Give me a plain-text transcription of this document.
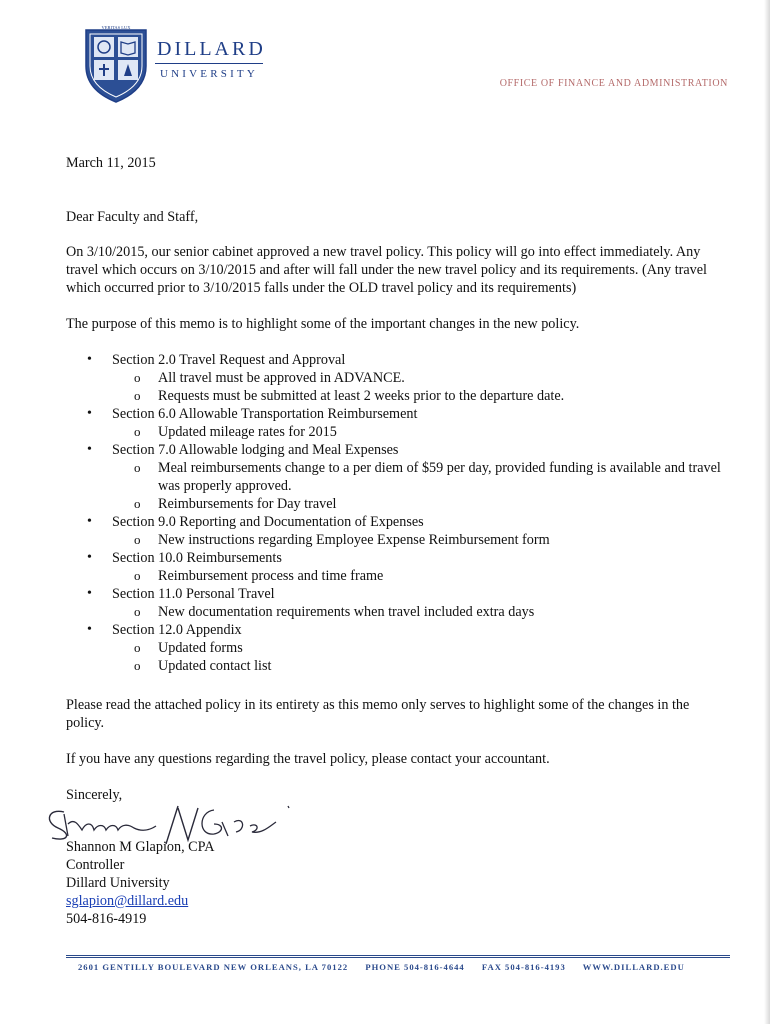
VERITAS LUX
DILLARD
UNIVERSITY
OFFICE OF FINANCE AND ADMINISTRATION
March 11, 2015
Dear Faculty and Staff,
On 3/10/2015, our senior cabinet approved a new travel policy. This policy will go into effect immediately. Any travel which occurs on 3/10/2015 and after will fall under the new travel policy and its requirements. (Any travel which occurred prior to 3/10/2015 falls under the OLD travel policy and its requirements)
The purpose of this memo is to highlight some of the important changes in the new policy.
• Section 2.0 Travel Request and Approval
o All travel must be approved in ADVANCE.
o Requests must be submitted at least 2 weeks prior to the departure date.
• Section 6.0 Allowable Transportation Reimbursement
o Updated mileage rates for 2015
• Section 7.0 Allowable lodging and Meal Expenses
o Meal reimbursements change to a per diem of $59 per day, provided funding is available and travel was properly approved.
o Reimbursements for Day travel
• Section 9.0 Reporting and Documentation of Expenses
o New instructions regarding Employee Expense Reimbursement form
• Section 10.0 Reimbursements
o Reimbursement process and time frame
• Section 11.0 Personal Travel
o New documentation requirements when travel included extra days
• Section 12.0 Appendix
o Updated forms
o Updated contact list
Please read the attached policy in its entirety as this memo only serves to highlight some of the changes in the policy.
If you have any questions regarding the travel policy, please contact your accountant.
Sincerely,
Shannon M Glapion, CPA
Controller
Dillard University
sglapion@dillard.edu
504-816-4919
2601 GENTILLY BOULEVARD NEW ORLEANS, LA 70122 PHONE 504-816-4644 FAX 504-816-4193 WWW.DILLARD.EDU
